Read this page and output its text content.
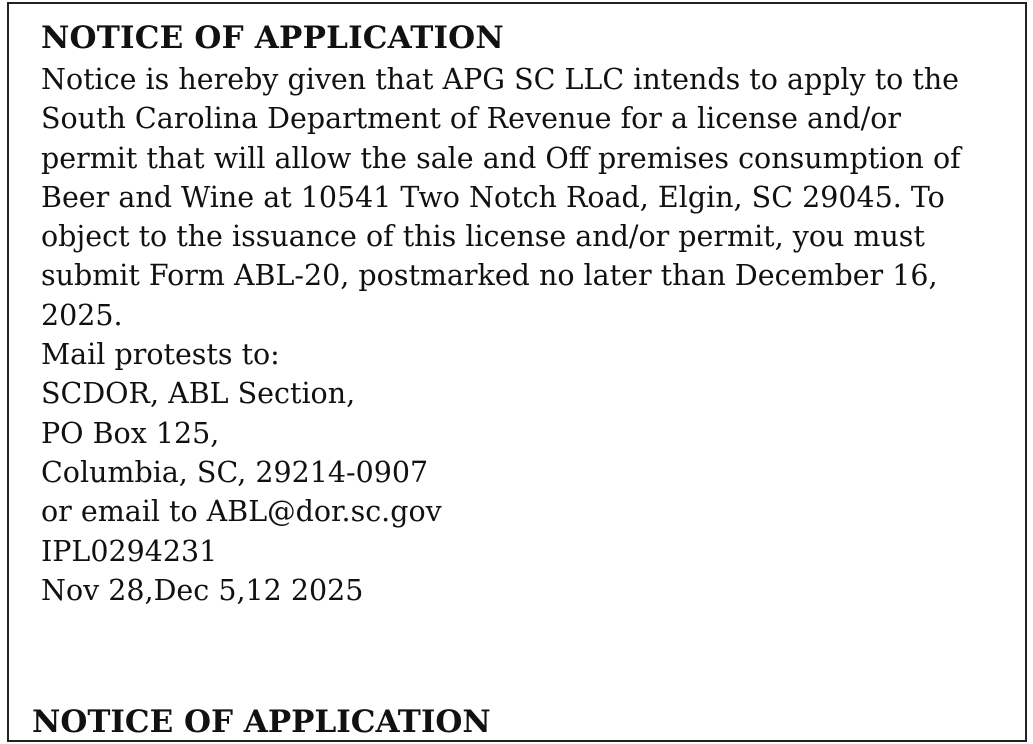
NOTICE OF APPLICATION

Notice is hereby given that APG SC LLC intends to apply to the

South Carolina Department of Revenue for a license and/or

permit that will allow the sale and Off premises consumption of

Beer and Wine at 10541 Two Notch Road, Elgin, SC 29045. To

object to the issuance of this license and/or permit, you must

submit Form ABL-20, postmarked no later than December 16,

2025.

Mail protests to:

SCDOR, ABL Section,

PO Box 125,

Columbia, SC, 29214-0907

or email to ABL@dor.sc.gov

IPL0294231

Nov 28,Dec 5,12 2025

NOTICE OF APPLICATION
